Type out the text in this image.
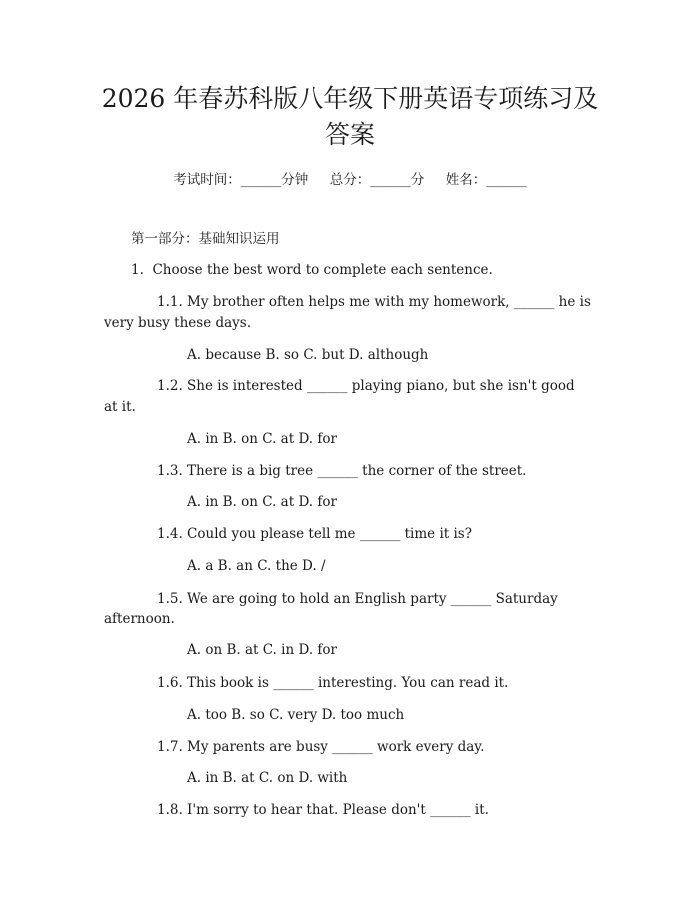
2026 年春苏科版八年级下册英语专项练习及
答案
考试时间：______分钟     总分：______分     姓名：______
第一部分：基础知识运用
1.  Choose the best word to complete each sentence.
1.1. My brother often helps me with my homework, ______ he is
very busy these days.
A. because B. so C. but D. although
1.2. She is interested ______ playing piano, but she isn't good
at it.
A. in B. on C. at D. for
1.3. There is a big tree ______ the corner of the street.
A. in B. on C. at D. for
1.4. Could you please tell me ______ time it is?
A. a B. an C. the D. /
1.5. We are going to hold an English party ______ Saturday
afternoon.
A. on B. at C. in D. for
1.6. This book is ______ interesting. You can read it.
A. too B. so C. very D. too much
1.7. My parents are busy ______ work every day.
A. in B. at C. on D. with
1.8. I'm sorry to hear that. Please don't ______ it.
